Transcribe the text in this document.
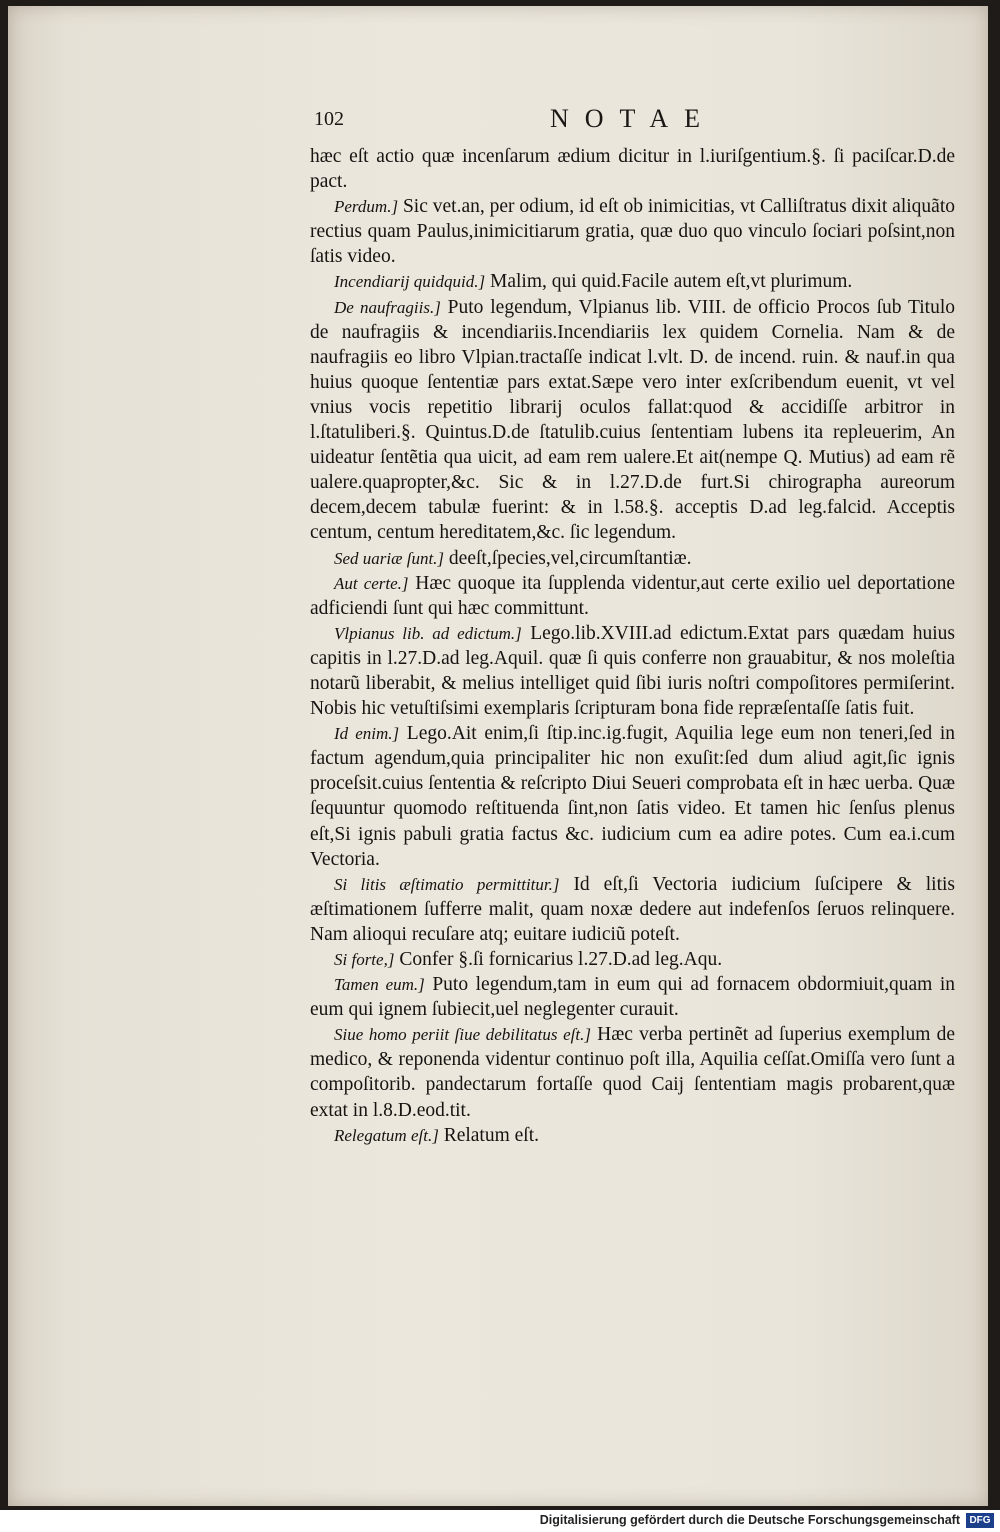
102	NOTAE

hæc eſt actio quæ incenſarum ædium dicitur in l.iuriſgentium.§. ſi paciſcar.D.de pact.

Perdum.] Sic vet.an, per odium, id eſt ob inimicitias, vt Calliſtratus dixit aliquãto rectius quam Paulus,inimicitiarum gratia, quæ duo quo vinculo ſociari poſsint,non ſatis video.

Incendiarij quidquid.] Malim, qui quid.Facile autem eſt,vt plurimum.

De naufragiis.] Puto legendum, Vlpianus lib. VIII. de officio Procos ſub Titulo de naufragiis & incendiariis.Incendiariis lex quidem Cornelia. Nam & de naufragiis eo libro Vlpian.tractaſſe indicat l.vlt. D. de incend. ruin. & nauf.in qua huius quoque ſententiæ pars extat.Sæpe vero inter exſcribendum euenit, vt vel vnius vocis repetitio librarij oculos fallat:quod & accidiſſe arbitror in l.ſtatuliberi.§. Quintus.D.de ſtatulib.cuius ſententiam lubens ita repleuerim, An uideatur ſentẽtia qua uicit, ad eam rem ualere.Et ait(nempe Q. Mutius) ad eam rẽ ualere.quapropter,&c. Sic & in l.27.D.de furt.Si chirographa aureorum decem,decem tabulæ fuerint: & in l.58.§. acceptis D.ad leg.falcid. Acceptis centum, centum hereditatem,&c. ſic legendum.

Sed uariæ ſunt.] deeſt,ſpecies,vel,circumſtantiæ.

Aut certe.] Hæc quoque ita ſupplenda videntur,aut certe exilio uel deportatione adficiendi ſunt qui hæc committunt.

Vlpianus lib. ad edictum.] Lego.lib.XVIII.ad edictum.Extat pars quædam huius capitis in l.27.D.ad leg.Aquil. quæ ſi quis conferre non grauabitur, & nos moleſtia notarũ liberabit, & melius intelliget quid ſibi iuris noſtri compoſitores permiſerint. Nobis hic vetuſtiſsimi exemplaris ſcripturam bona fide repræſentaſſe ſatis fuit.

Id enim.] Lego.Ait enim,ſi ſtip.inc.ig.fugit, Aquilia lege eum non teneri,ſed in factum agendum,quia principaliter hic non exuſit:ſed dum aliud agit,ſic ignis proceſsit.cuius ſententia & reſcripto Diui Seueri comprobata eſt in hæc uerba. Quæ ſequuntur quomodo reſtituenda ſint,non ſatis video. Et tamen hic ſenſus plenus eſt,Si ignis pabuli gratia factus &c. iudicium cum ea adire potes. Cum ea.i.cum Vectoria.

Si litis æſtimatio permittitur.] Id eſt,ſi Vectoria iudicium ſuſcipere & litis æſtimationem ſufferre malit, quam noxæ dedere aut indefenſos ſeruos relinquere. Nam alioqui recuſare atq; euitare iudiciũ poteſt.

Si forte,] Confer §.ſi fornicarius l.27.D.ad leg.Aqu.

Tamen eum.] Puto legendum,tam in eum qui ad fornacem obdormiuit,quam in eum qui ignem ſubiecit,uel neglegenter curauit.

Siue homo periit ſiue debilitatus eſt.] Hæc verba pertinẽt ad ſuperius exemplum de medico, & reponenda videntur continuo poſt illa, Aquilia ceſſat.Omiſſa vero ſunt a compoſitorib. pandectarum fortaſſe quod Caij ſententiam magis probarent,quæ extat in l.8.D.eod.tit.

Relegatum eſt.] Relatum eſt.

Digitalisierung gefördert durch die Deutsche Forschungsgemeinschaft DFG
